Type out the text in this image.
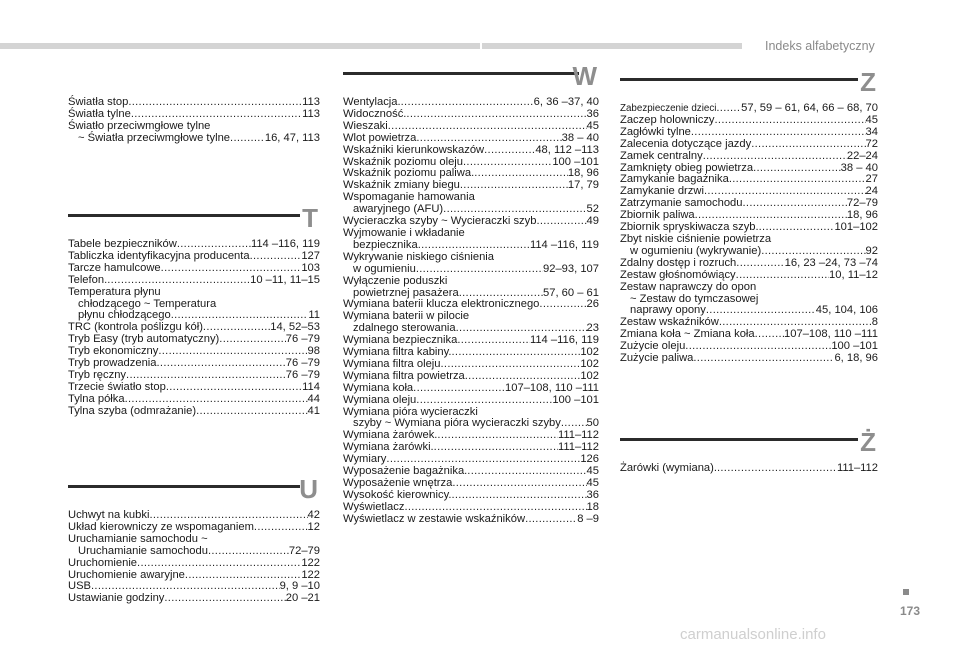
Indeks alfabetyczny
Światła stop .....	113
Światła tylne .....	113
Światło przeciwmgłowe tylne
~ Światła przeciwmgłowe tylne .....	16, 47, 113
T
Tabele bezpieczników .....	114 –116, 119
Tabliczka identyfikacyjna producenta .....	127
Tarcze hamulcowe .....	103
Telefon. .....	10 –11, 11–15
Temperatura płynu
chłodzącego ~ Temperatura
płynu chłodzącego .....	11
TRC (kontrola poślizgu kół) .....	14, 52–53
Tryb Easy (tryb automatyczny) .....	76 –79
Tryb ekonomiczny .....	98
Tryb prowadzenia .....	76 –79
Tryb ręczny .....	76 –79
Trzecie światło stop .....	114
Tylna półka .....	44
Tylna szyba (odmrażanie) .....	41
U
Uchwyt na kubki .....	42
Układ kierowniczy ze wspomaganiem .....	12
Uruchamianie samochodu ~
Uruchamianie samochodu .....	72–79
Uruchomienie .....	122
Uruchomienie awaryjne .....	122
USB .....	9, 9 –10
Ustawianie godziny .....	20 –21
W
Wentylacja. .....	6, 36 –37, 40
Widoczność. .....	36
Wieszaki .....	45
Wlot powietrza .....	38 – 40
Wskaźniki kierunkowskazów .....	48, 112 –113
Wskaźnik poziomu oleju .....	100 –101
Wskaźnik poziomu paliwa. .....	18, 96
Wskaźnik zmiany biegu .....	17, 79
Wspomaganie hamowania
awaryjnego (AFU) .....	52
Wycieraczka szyby ~ Wycieraczki szyb .....	49
Wyjmowanie i wkładanie
bezpiecznika .....	114 –116, 119
Wykrywanie niskiego ciśnienia
w ogumieniu .....	92–93, 107
Wyłączenie poduszki
powietrznej pasażera .....	57, 60 – 61
Wymiana baterii klucza elektronicznego .....	26
Wymiana baterii w pilocie
zdalnego sterowania .....	23
Wymiana bezpiecznika .....	114 –116, 119
Wymiana filtra kabiny. .....	102
Wymiana filtra oleju .....	102
Wymiana filtra powietrza .....	102
Wymiana koła .....	107–108, 110 –111
Wymiana oleju .....	100 –101
Wymiana pióra wycieraczki
szyby ~ Wymiana pióra wycieraczki szyby ..... 50
Wymiana żarówek. .....	111–112
Wymiana żarówki. .....	111–112
Wymiary .....	126
Wyposażenie bagażnika. .....	45
Wyposażenie wnętrza .....	45
Wysokość kierownicy. .....	36
Wyświetlacz .....	18
Wyświetlacz w zestawie wskaźników .....	8 –9
Z
Zabezpieczenie dzieci ..... 57, 59 – 61, 64, 66 – 68, 70
Zaczep holowniczy .....	45
Zagłówki tylne .....	34
Zalecenia dotyczące jazdy .....	72
Zamek centralny .....	22–24
Zamknięty obieg powietrza .....	38 – 40
Zamykanie bagażnika .....	27
Zamykanie drzwi .....	24
Zatrzymanie samochodu .....	72–79
Zbiornik paliwa .....	18, 96
Zbiornik spryskiwacza szyb. .....	101–102
Zbyt niskie ciśnienie powietrza
w ogumieniu (wykrywanie) .....	92
Zdalny dostęp i rozruch .....	16, 23 –24, 73 –74
Zestaw głośnomówiący .....	10, 11–12
Zestaw naprawczy do opon
~ Zestaw do tymczasowej
naprawy opony .....	45, 104, 106
Zestaw wskaźników .....	8
Zmiana koła ~ Zmiana koła .....	107–108, 110 –111
Zużycie oleju .....	100 –101
Zużycie paliwa .....	6, 18, 96
Ż
Żarówki (wymiana). .....	111–112
173
carmanualsonline.info
